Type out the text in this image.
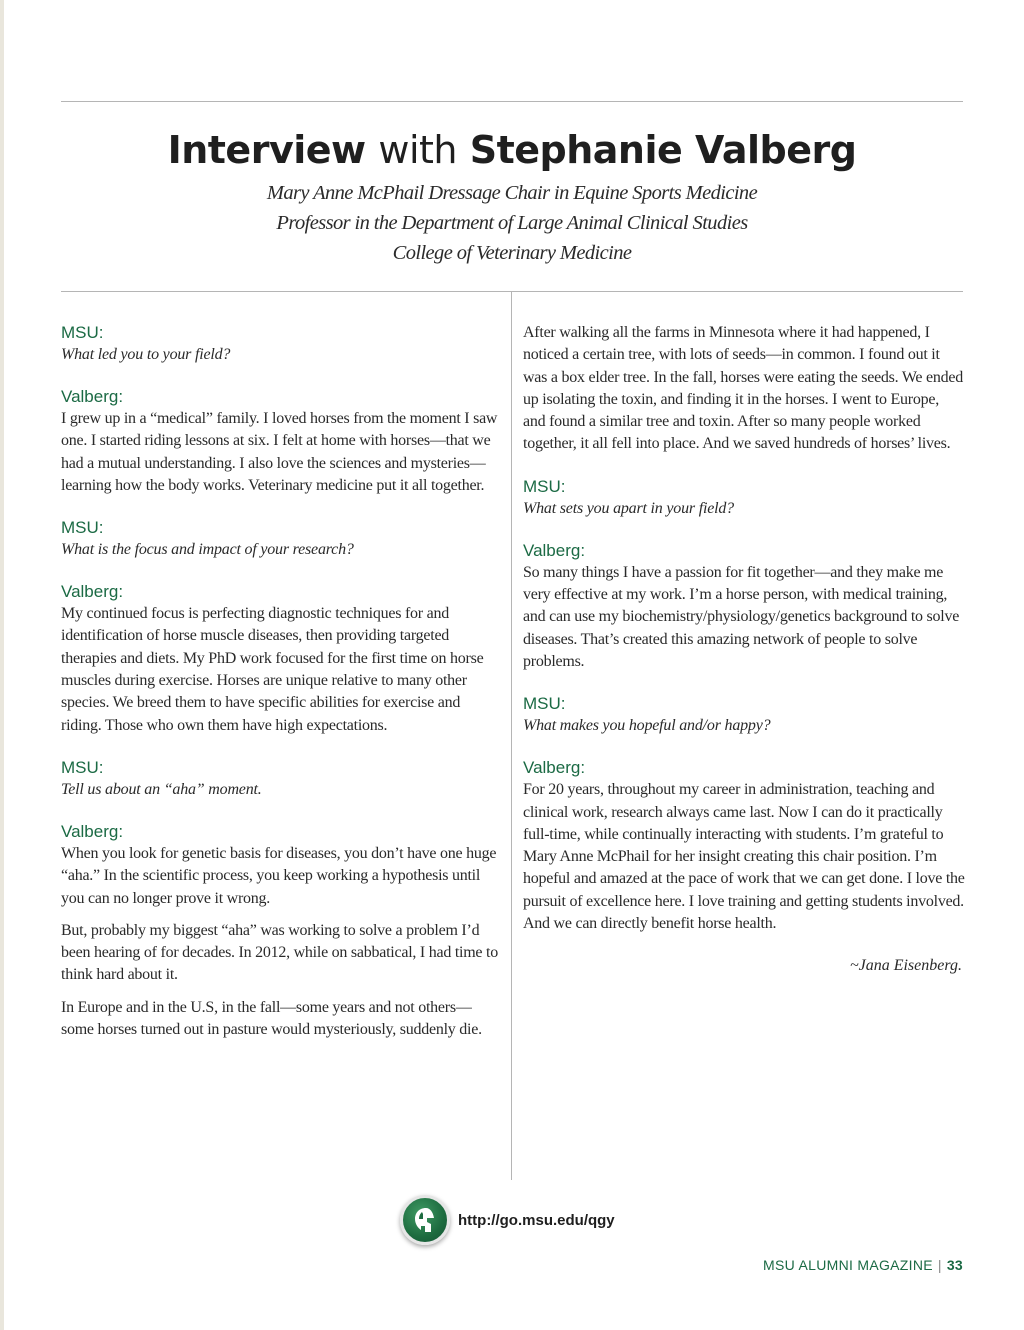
Interview with Stephanie Valberg
Mary Anne McPhail Dressage Chair in Equine Sports Medicine
Professor in the Department of Large Animal Clinical Studies
College of Veterinary Medicine

MSU:

What led you to your field?

Valberg:

I grew up in a “medical” family. I loved horses from the moment I saw one. I started riding lessons at six. I felt at home with horses—that we had a mutual understanding. I also love the sciences and mysteries—learning how the body works. Veterinary medicine put it all together.

MSU:

What is the focus and impact of your research?

Valberg:

My continued focus is perfecting diagnostic techniques for and identification of horse muscle diseases, then providing targeted therapies and diets. My PhD work focused for the first time on horse muscles during exercise. Horses are unique relative to many other species. We breed them to have specific abilities for exercise and riding. Those who own them have high expectations.

MSU:

Tell us about an “aha” moment.

Valberg:

When you look for genetic basis for diseases, you don’t have one huge “aha.” In the scientific process, you keep working a hypothesis until you can no longer prove it wrong.

But, probably my biggest “aha” was working to solve a problem I’d been hearing of for decades. In 2012, while on sabbatical, I had time to think hard about it.

In Europe and in the U.S, in the fall—some years and not others—some horses turned out in pasture would mysteriously, suddenly die.

After walking all the farms in Minnesota where it had happened, I noticed a certain tree, with lots of seeds—in common. I found out it was a box elder tree. In the fall, horses were eating the seeds. We ended up isolating the toxin, and finding it in the horses. I went to Europe, and found a similar tree and toxin. After so many people worked together, it all fell into place. And we saved hundreds of horses’ lives.

MSU:

What sets you apart in your field?

Valberg:

So many things I have a passion for fit together—and they make me very effective at my work. I’m a horse person, with medical training, and can use my biochemistry/physiology/genetics background to solve diseases. That’s created this amazing network of people to solve problems.

MSU:

What makes you hopeful and/or happy?

Valberg:

For 20 years, throughout my career in administration, teaching and clinical work, research always came last. Now I can do it practically full-time, while continually interacting with students. I’m grateful to Mary Anne McPhail for her insight creating this chair position. I’m hopeful and amazed at the pace of work that we can get done. I love the pursuit of excellence here. I love training and getting students involved. And we can directly benefit horse health.

~Jana Eisenberg.

http://go.msu.edu/qgy
MSU ALUMNI MAGAZINE | 33
